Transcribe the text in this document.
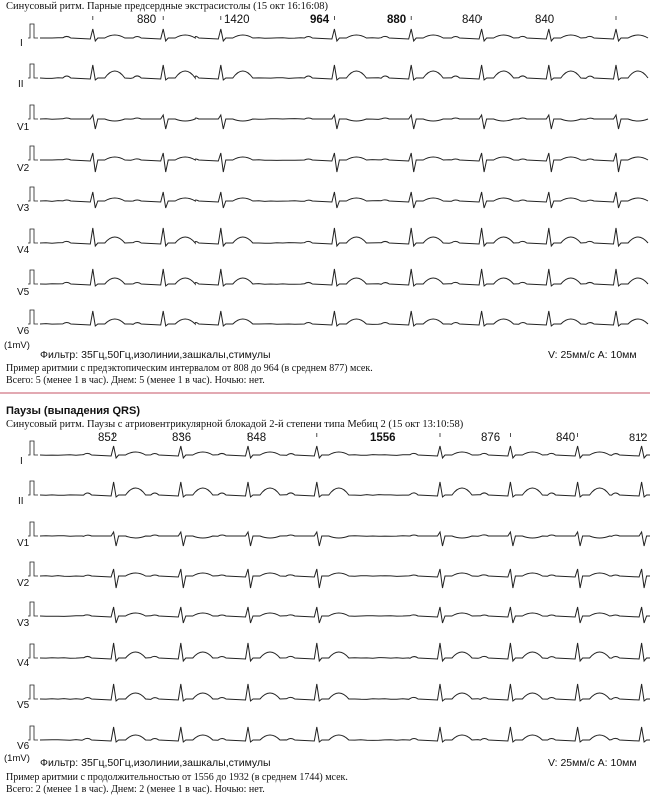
Синусовый ритм. Парные предсердные экстрасистолы (15 окт 16:16:08)
880	1420	964	880	840	840
I
II
V1
V2
V3
V4
V5
V6
(1mV)
Фильтр: 35Гц,50Гц,изолинии,зашкалы,стимулы	V: 25мм/с A: 10мм
Пример аритмии с предэктопическим интервалом от 808 до 964 (в среднем 877) мсек.
Всего: 5 (менее 1 в час). Днем: 5 (менее 1 в час). Ночью: нет.
Паузы (выпадения QRS)
Синусовый ритм. Паузы с атриовентрикулярной блокадой 2-й степени типа Мебиц 2 (15 окт 13:10:58)
852	836	848	1556	876	840	812
I
II
V1
V2
V3
V4
V5
V6
(1mV) Фильтр: 35Гц,50Гц,изолинии,зашкалы,стимулы	V: 25мм/с A: 10мм
Пример аритмии с продолжительностью от 1556 до 1932 (в среднем 1744) мсек.
Всего: 2 (менее 1 в час). Днем: 2 (менее 1 в час). Ночью: нет.
